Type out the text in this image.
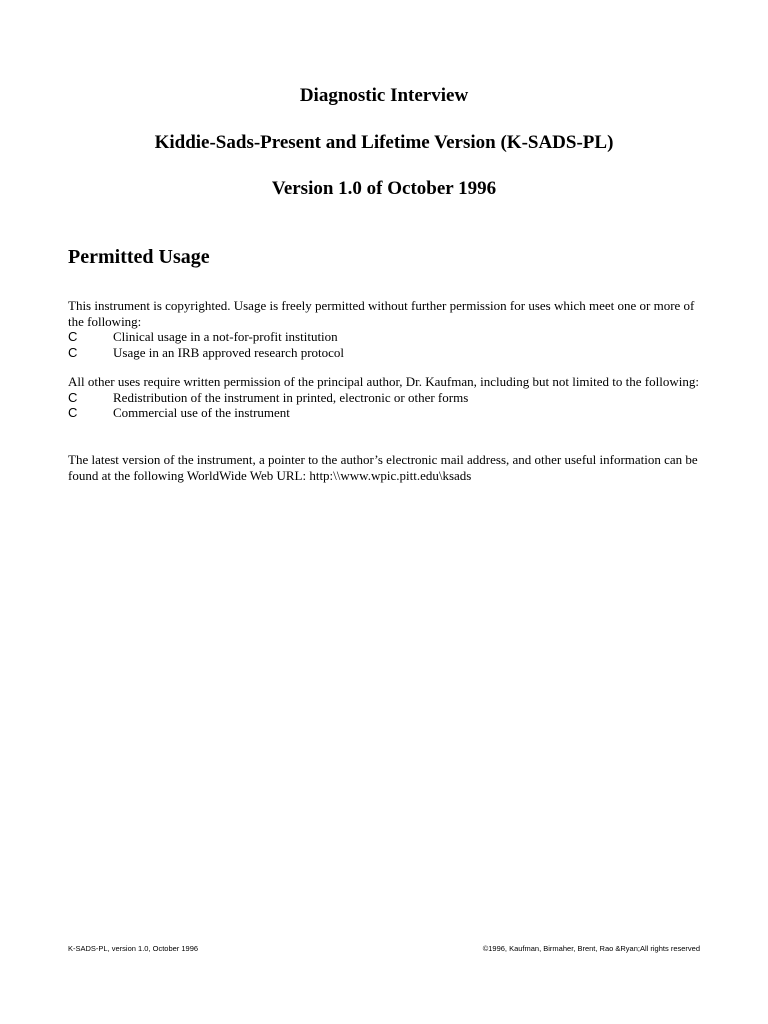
Diagnostic Interview
Kiddie-Sads-Present and Lifetime Version (K-SADS-PL)
Version 1.0 of October 1996
Permitted Usage

This instrument is copyrighted. Usage is freely permitted without further permission for uses which meet one or more of the following:

C	Clinical usage in a not-for-profit institution
C	Usage in an IRB approved research protocol

All other uses require written permission of the principal author, Dr. Kaufman, including but not limited to the following:

C	Redistribution of the instrument in printed, electronic or other forms
C	Commercial use of the instrument

The latest version of the instrument, a pointer to the author’s electronic mail address, and other useful information can be found at the following WorldWide Web URL: http:\\www.wpic.pitt.edu\ksads

K-SADS-PL, version 1.0, October 1996	©1996, Kaufman, Birmaher, Brent, Rao &Ryan;All rights reserved
